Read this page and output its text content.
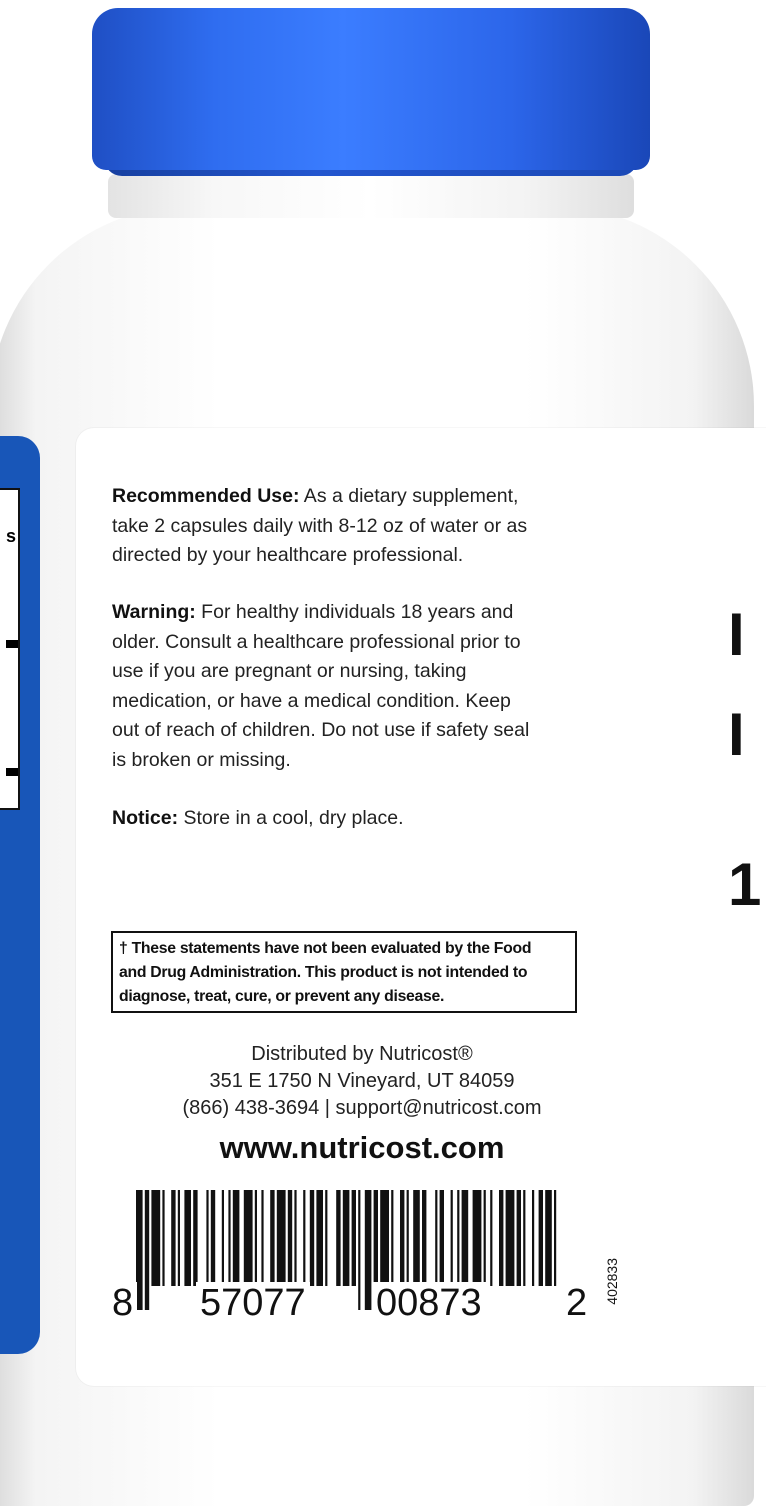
s
I
I
1
Recommended Use: As a dietary supplement,
take 2 capsules daily with 8-12 oz of water or as
directed by your healthcare professional.
Warning: For healthy individuals 18 years and
older. Consult a healthcare professional prior to
use if you are pregnant or nursing, taking
medication, or have a medical condition. Keep
out of reach of children. Do not use if safety seal
is broken or missing.
Notice: Store in a cool, dry place.
† These statements have not been evaluated by the Food
and Drug Administration. This product is not intended to
diagnose, treat, cure, or prevent any disease.
Distributed by Nutricost®
351 E 1750 N Vineyard, UT 84059
(866) 438-3694 | support@nutricost.com
www.nutricost.com
8 57077 00873 2 402833
